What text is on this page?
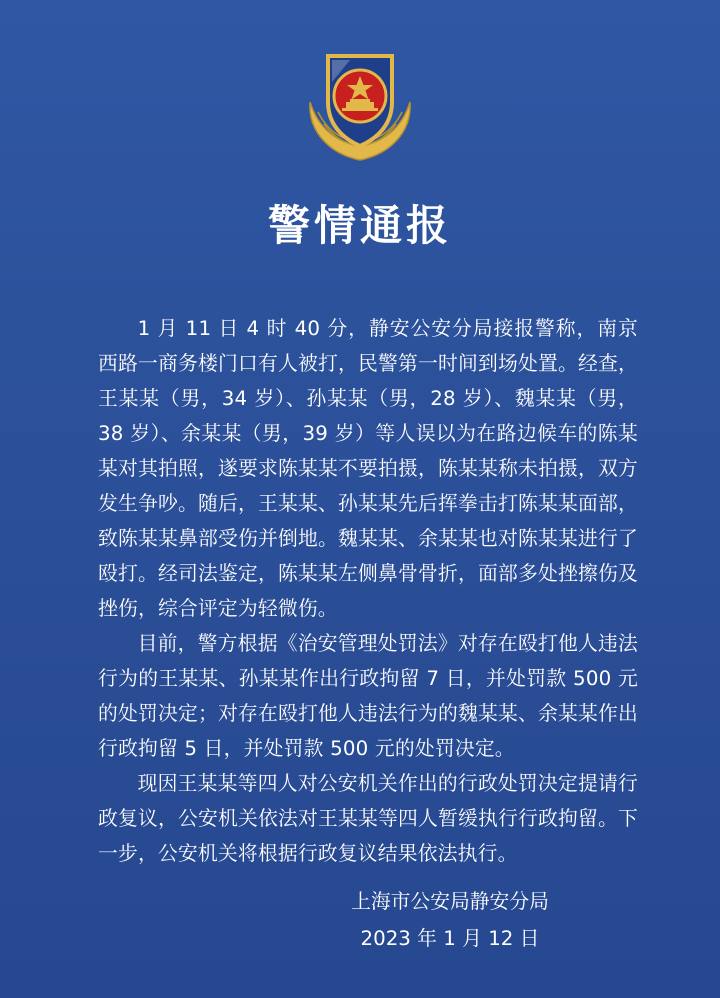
警情通报

1 月 11 日 4 时 40 分，静安公安分局接报警称，南京西路一商务楼门口有人被打，民警第一时间到场处置。经查，王某某（男，34 岁）、孙某某（男，28 岁）、魏某某（男，38 岁）、余某某（男，39 岁）等人误以为在路边候车的陈某某对其拍照，遂要求陈某某不要拍摄，陈某某称未拍摄，双方发生争吵。随后，王某某、孙某某先后挥拳击打陈某某面部，致陈某某鼻部受伤并倒地。魏某某、余某某也对陈某某进行了殴打。经司法鉴定，陈某某左侧鼻骨骨折，面部多处挫擦伤及挫伤，综合评定为轻微伤。

目前，警方根据《治安管理处罚法》对存在殴打他人违法行为的王某某、孙某某作出行政拘留 7 日，并处罚款 500 元的处罚决定；对存在殴打他人违法行为的魏某某、余某某作出行政拘留 5 日，并处罚款 500 元的处罚决定。

现因王某某等四人对公安机关作出的行政处罚决定提请行政复议，公安机关依法对王某某等四人暂缓执行行政拘留。下一步，公安机关将根据行政复议结果依法执行。

上海市公安局静安分局
2023 年 1 月 12 日
